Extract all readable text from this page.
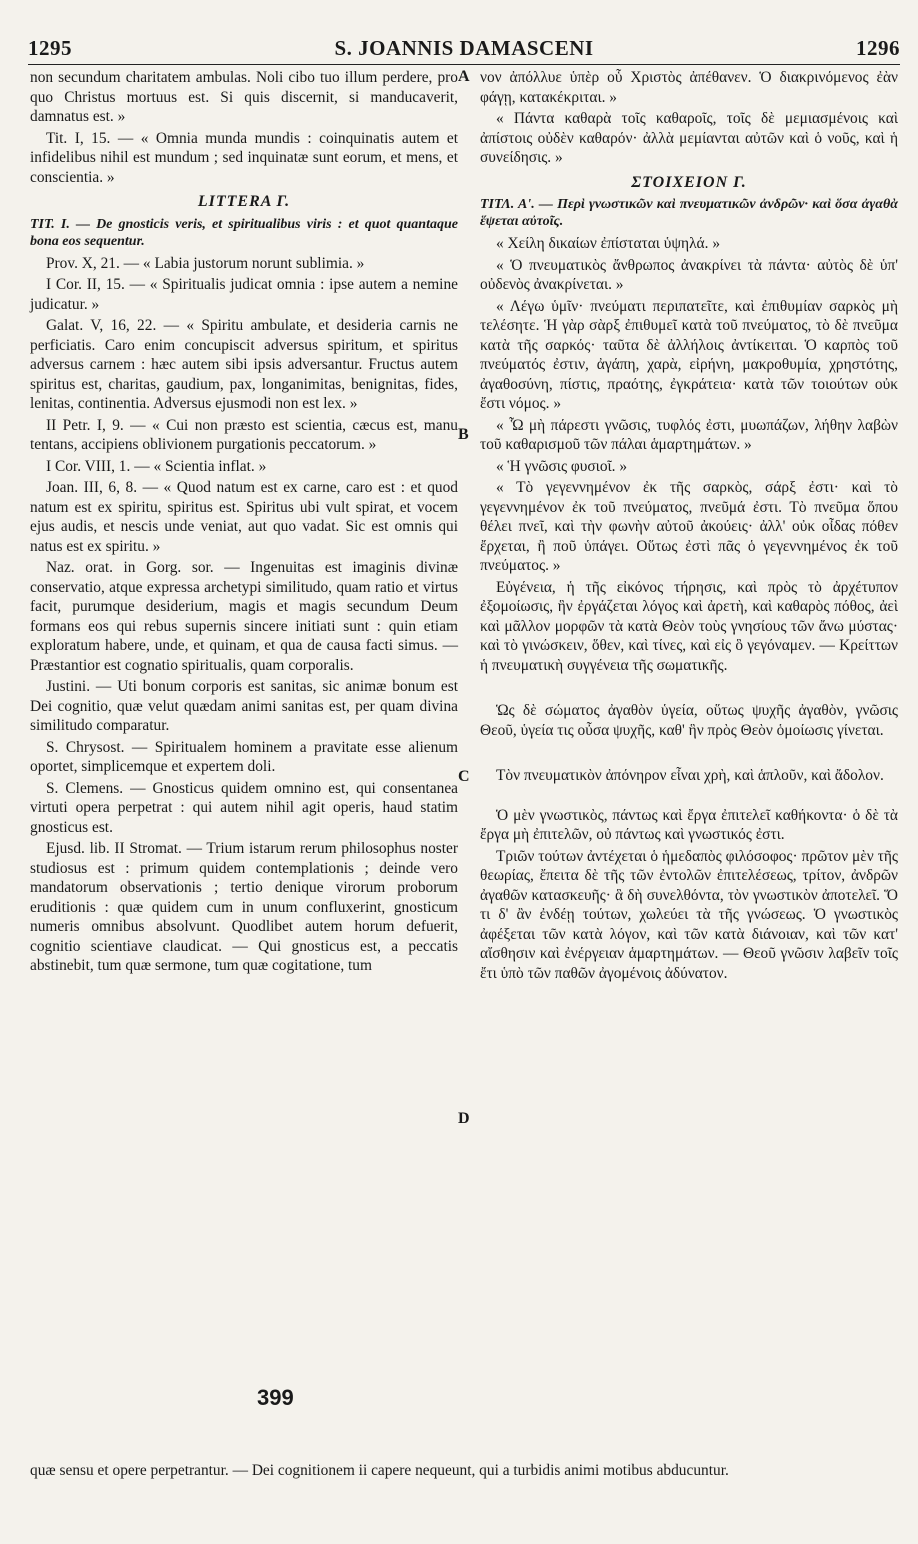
1295	S. JOANNIS DAMASCENI	1296

non secundum charitatem ambulas. Noli cibo tuo illum perdere, pro quo Christus mortuus est. Si quis discernit, si manducaverit, damnatus est. »

Tit. I, 15. — « Omnia munda mundis : coinquinatis autem et infidelibus nihil est mundum ; sed inquinatæ sunt eorum, et mens, et conscientia. »

LITTERA Γ.

TIT. I. — De gnosticis veris, et spiritualibus viris : et quot quantaque bona eos sequentur.

Prov. X, 21. — « Labia justorum norunt sublimia. »

I Cor. II, 15. — « Spiritualis judicat omnia : ipse autem a nemine judicatur. »

Galat. V, 16, 22. — « Spiritu ambulate, et desideria carnis ne perficiatis. Caro enim concupiscit adversus spiritum, et spiritus adversus carnem : hæc autem sibi ipsis adversantur. Fructus autem spiritus est, charitas, gaudium, pax, longanimitas, benignitas, fides, lenitas, continentia. Adversus ejusmodi non est lex. »

II Petr. I, 9. — « Cui non præsto est scientia, cæcus est, manu tentans, accipiens oblivionem purgationis peccatorum. »

I Cor. VIII, 1. — « Scientia inflat. »

Joan. III, 6, 8. — « Quod natum est ex carne, caro est : et quod natum est ex spiritu, spiritus est. Spiritus ubi vult spirat, et vocem ejus audis, et nescis unde veniat, aut quo vadat. Sic est omnis qui natus est ex spiritu. »

Naz. orat. in Gorg. sor. — Ingenuitas est imaginis divinæ conservatio, atque expressa archetypi similitudo, quam ratio et virtus facit, purumque desiderium, magis et magis secundum Deum formans eos qui rebus supernis sincere initiati sunt : quin etiam exploratum habere, unde, et quinam, et qua de causa facti simus. — Præstantior est cognatio spiritualis, quam corporalis.

Justini. — Uti bonum corporis est sanitas, sic animæ bonum est Dei cognitio, quæ velut quædam animi sanitas est, per quam divina similitudo comparatur.

S. Chrysost. — Spiritualem hominem a pravitate esse alienum oportet, simplicemque et expertem doli.

S. Clemens. — Gnosticus quidem omnino est, qui consentanea virtuti opera perpetrat : qui autem nihil agit operis, haud statim gnosticus est.

Ejusd. lib. II Stromat. — Trium istarum rerum philosophus noster studiosus est : primum quidem contemplationis ; deinde vero mandatorum observationis ; tertio denique virorum proborum eruditionis : quæ quidem cum in unum confluxerint, gnosticum numeris omnibus absolvunt. Quodlibet autem horum defuerit, cognitio scientiave claudicat. — Qui gnosticus est, a peccatis abstinebit, tum quæ sermone, tum quæ cogitatione, tum

A
B
C
D

νον ἀπόλλυε ὑπὲρ οὗ Χριστὸς ἀπέθανεν. Ὁ διακρινόμενος ἐὰν φάγῃ, κατακέκριται. »

« Πάντα καθαρὰ τοῖς καθαροῖς, τοῖς δὲ μεμιασμένοις καὶ ἀπίστοις οὐδὲν καθαρόν· ἀλλὰ μεμίανται αὐτῶν καὶ ὁ νοῦς, καὶ ἡ συνείδησις. »

ΣΤΟΙΧΕΙΟΝ Γ.

ΤΙΤΛ. Α'. — Περὶ γνωστικῶν καὶ πνευματικῶν ἀνδρῶν· καὶ ὅσα ἀγαθὰ ἕψεται αὐτοῖς.

« Χείλη δικαίων ἐπίσταται ὑψηλά. »

« Ὁ πνευματικὸς ἄνθρωπος ἀνακρίνει τὰ πάντα· αὐτὸς δὲ ὑπ' οὐδενὸς ἀνακρίνεται. »

« Λέγω ὑμῖν· πνεύματι περιπατεῖτε, καὶ ἐπιθυμίαν σαρκὸς μὴ τελέσητε. Ἡ γὰρ σὰρξ ἐπιθυμεῖ κατὰ τοῦ πνεύματος, τὸ δὲ πνεῦμα κατὰ τῆς σαρκός· ταῦτα δὲ ἀλλήλοις ἀντίκειται. Ὁ καρπὸς τοῦ πνεύματός ἐστιν, ἀγάπη, χαρὰ, εἰρήνη, μακροθυμία, χρηστότης, ἀγαθοσύνη, πίστις, πραότης, ἐγκράτεια· κατὰ τῶν τοιούτων οὐκ ἔστι νόμος. »

« Ὧ μὴ πάρεστι γνῶσις, τυφλός ἐστι, μυωπάζων, λήθην λαβὼν τοῦ καθαρισμοῦ τῶν πάλαι ἁμαρτημάτων. »

« Ἡ γνῶσις φυσιοῖ. »

« Τὸ γεγεννημένον ἐκ τῆς σαρκὸς, σάρξ ἐστι· καὶ τὸ γεγεννημένον ἐκ τοῦ πνεύματος, πνεῦμά ἐστι. Τὸ πνεῦμα ὅπου θέλει πνεῖ, καὶ τὴν φωνὴν αὐτοῦ ἀκούεις· ἀλλ' οὐκ οἶδας πόθεν ἔρχεται, ἢ ποῦ ὑπάγει. Οὕτως ἐστὶ πᾶς ὁ γεγεννημένος ἐκ τοῦ πνεύματος. »

Εὐγένεια, ἡ τῆς εἰκόνος τήρησις, καὶ πρὸς τὸ ἀρχέτυπον ἐξομοίωσις, ἣν ἐργάζεται λόγος καὶ ἀρετὴ, καὶ καθαρὸς πόθος, ἀεὶ καὶ μᾶλλον μορφῶν τὰ κατὰ Θεὸν τοὺς γνησίους τῶν ἄνω μύστας· καὶ τὸ γινώσκειν, ὅθεν, καὶ τίνες, καὶ εἰς ὃ γεγόναμεν. — Κρείττων ἡ πνευματικὴ συγγένεια τῆς σωματικῆς.

Ὡς δὲ σώματος ἀγαθὸν ὑγεία, οὕτως ψυχῆς ἀγαθὸν, γνῶσις Θεοῦ, ὑγεία τις οὖσα ψυχῆς, καθ' ἣν πρὸς Θεὸν ὁμοίωσις γίνεται.

Τὸν πνευματικὸν ἀπόνηρον εἶναι χρὴ, καὶ ἁπλοῦν, καὶ ἄδολον.

Ὁ μὲν γνωστικὸς, πάντως καὶ ἔργα ἐπιτελεῖ καθήκοντα· ὁ δὲ τὰ ἔργα μὴ ἐπιτελῶν, οὐ πάντως καὶ γνωστικός ἐστι.

Τριῶν τούτων ἀντέχεται ὁ ἡμεδαπὸς φιλόσοφος· πρῶτον μὲν τῆς θεωρίας, ἔπειτα δὲ τῆς τῶν ἐντολῶν ἐπιτελέσεως, τρίτον, ἀνδρῶν ἀγαθῶν κατασκευῆς· ἃ δὴ συνελθόντα, τὸν γνωστικὸν ἀποτελεῖ. Ὅ τι δ' ἂν ἐνδέῃ τούτων, χωλεύει τὰ τῆς γνώσεως. Ὁ γνωστικὸς ἀφέξεται τῶν κατὰ λόγον, καὶ τῶν κατὰ διάνοιαν, καὶ τῶν κατ' αἴσθησιν καὶ ἐνέργειαν ἁμαρτημάτων. — Θεοῦ γνῶσιν λαβεῖν τοῖς ἔτι ὑπὸ τῶν παθῶν ἀγομένοις ἀδύνατον.

399
quæ sensu et opere perpetrantur. — Dei cognitionem ii capere nequeunt, qui a turbidis animi motibus abducuntur.
